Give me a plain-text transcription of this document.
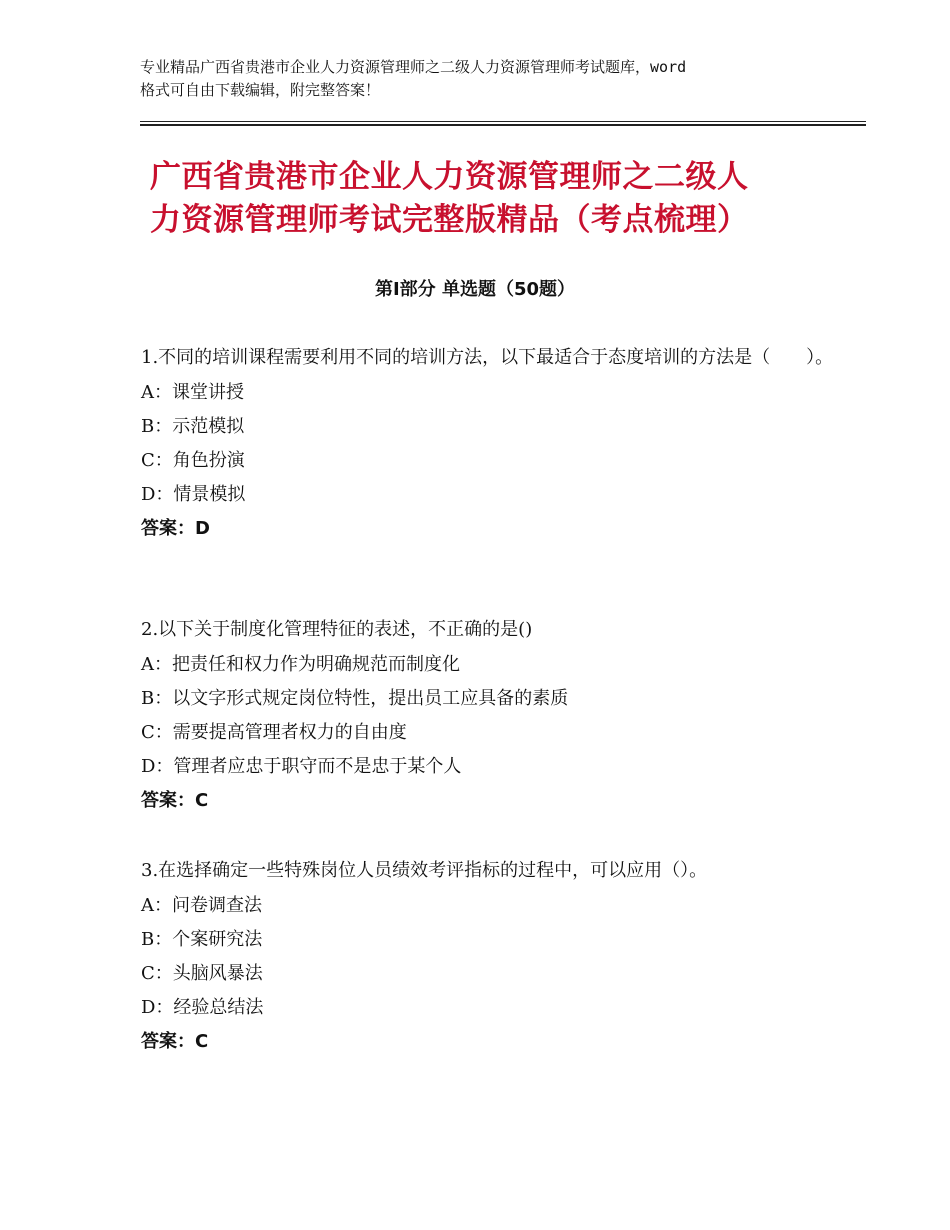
专业精品广西省贵港市企业人力资源管理师之二级人力资源管理师考试题库，word
格式可自由下载编辑，附完整答案！
广西省贵港市企业人力资源管理师之二级人
力资源管理师考试完整版精品（考点梳理）
第Ⅰ部分 单选题（50题）
1.不同的培训课程需要利用不同的培训方法，以下最适合于态度培训的方法是（　　）。
A：课堂讲授
B：示范模拟
C：角色扮演
D：情景模拟
答案：D
2.以下关于制度化管理特征的表述，不正确的是()
A：把责任和权力作为明确规范而制度化
B：以文字形式规定岗位特性，提出员工应具备的素质
C：需要提高管理者权力的自由度
D：管理者应忠于职守而不是忠于某个人
答案：C
3.在选择确定一些特殊岗位人员绩效考评指标的过程中，可以应用（）。
A：问卷调查法
B：个案研究法
C：头脑风暴法
D：经验总结法
答案：C
